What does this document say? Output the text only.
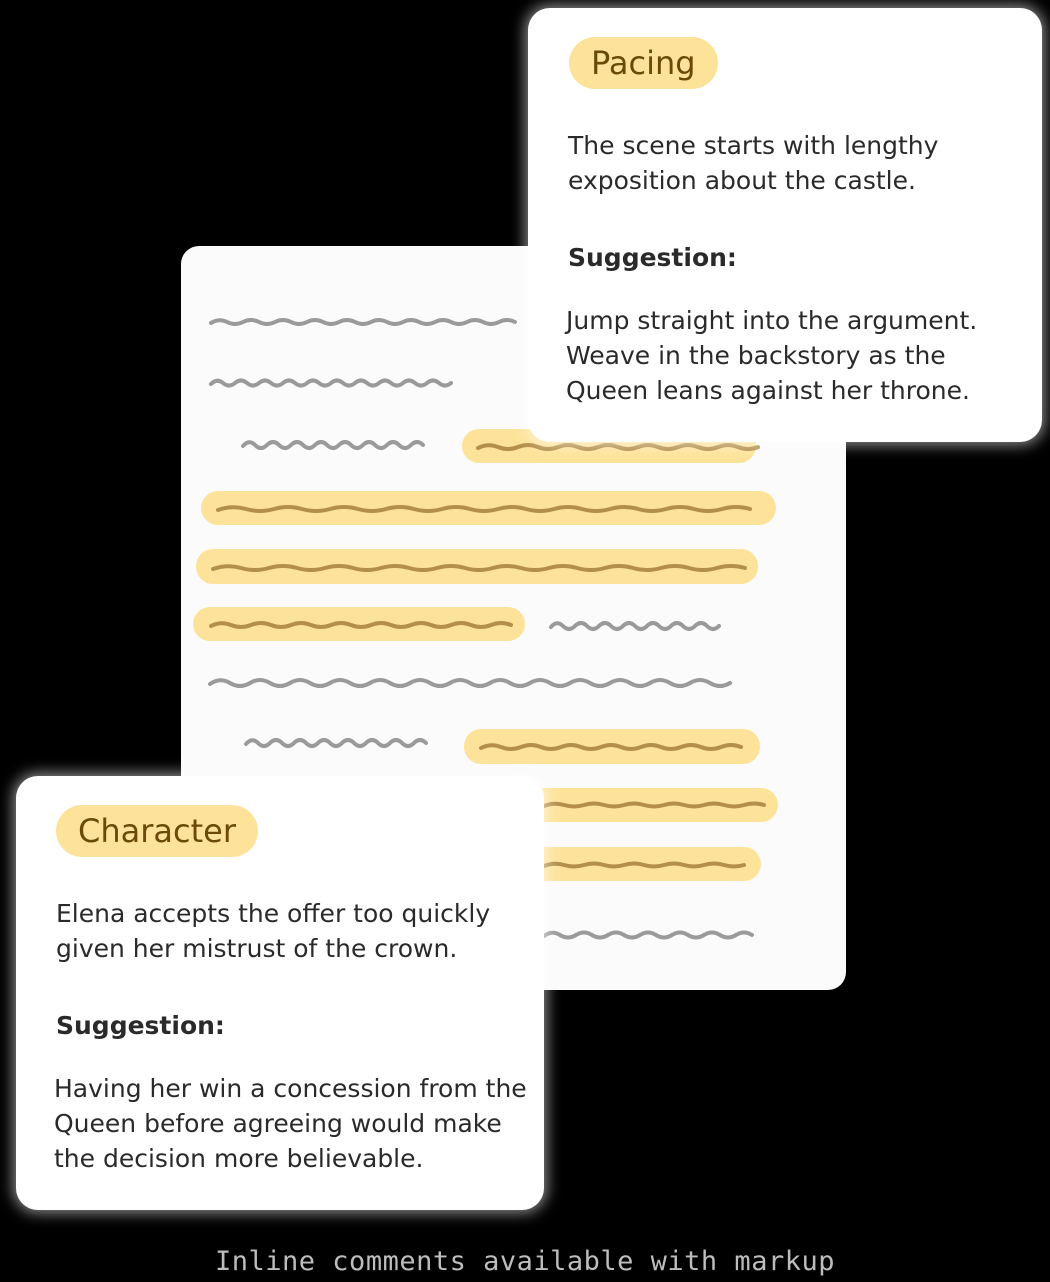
Pacing
The scene starts with lengthy exposition about the castle.
Suggestion:
Jump straight into the argument. Weave in the backstory as the Queen leans against her throne.
Character
Elena accepts the offer too quickly given her mistrust of the crown.
Suggestion:
Having her win a concession from the Queen before agreeing would make the decision more believable.
Inline comments available with markup
